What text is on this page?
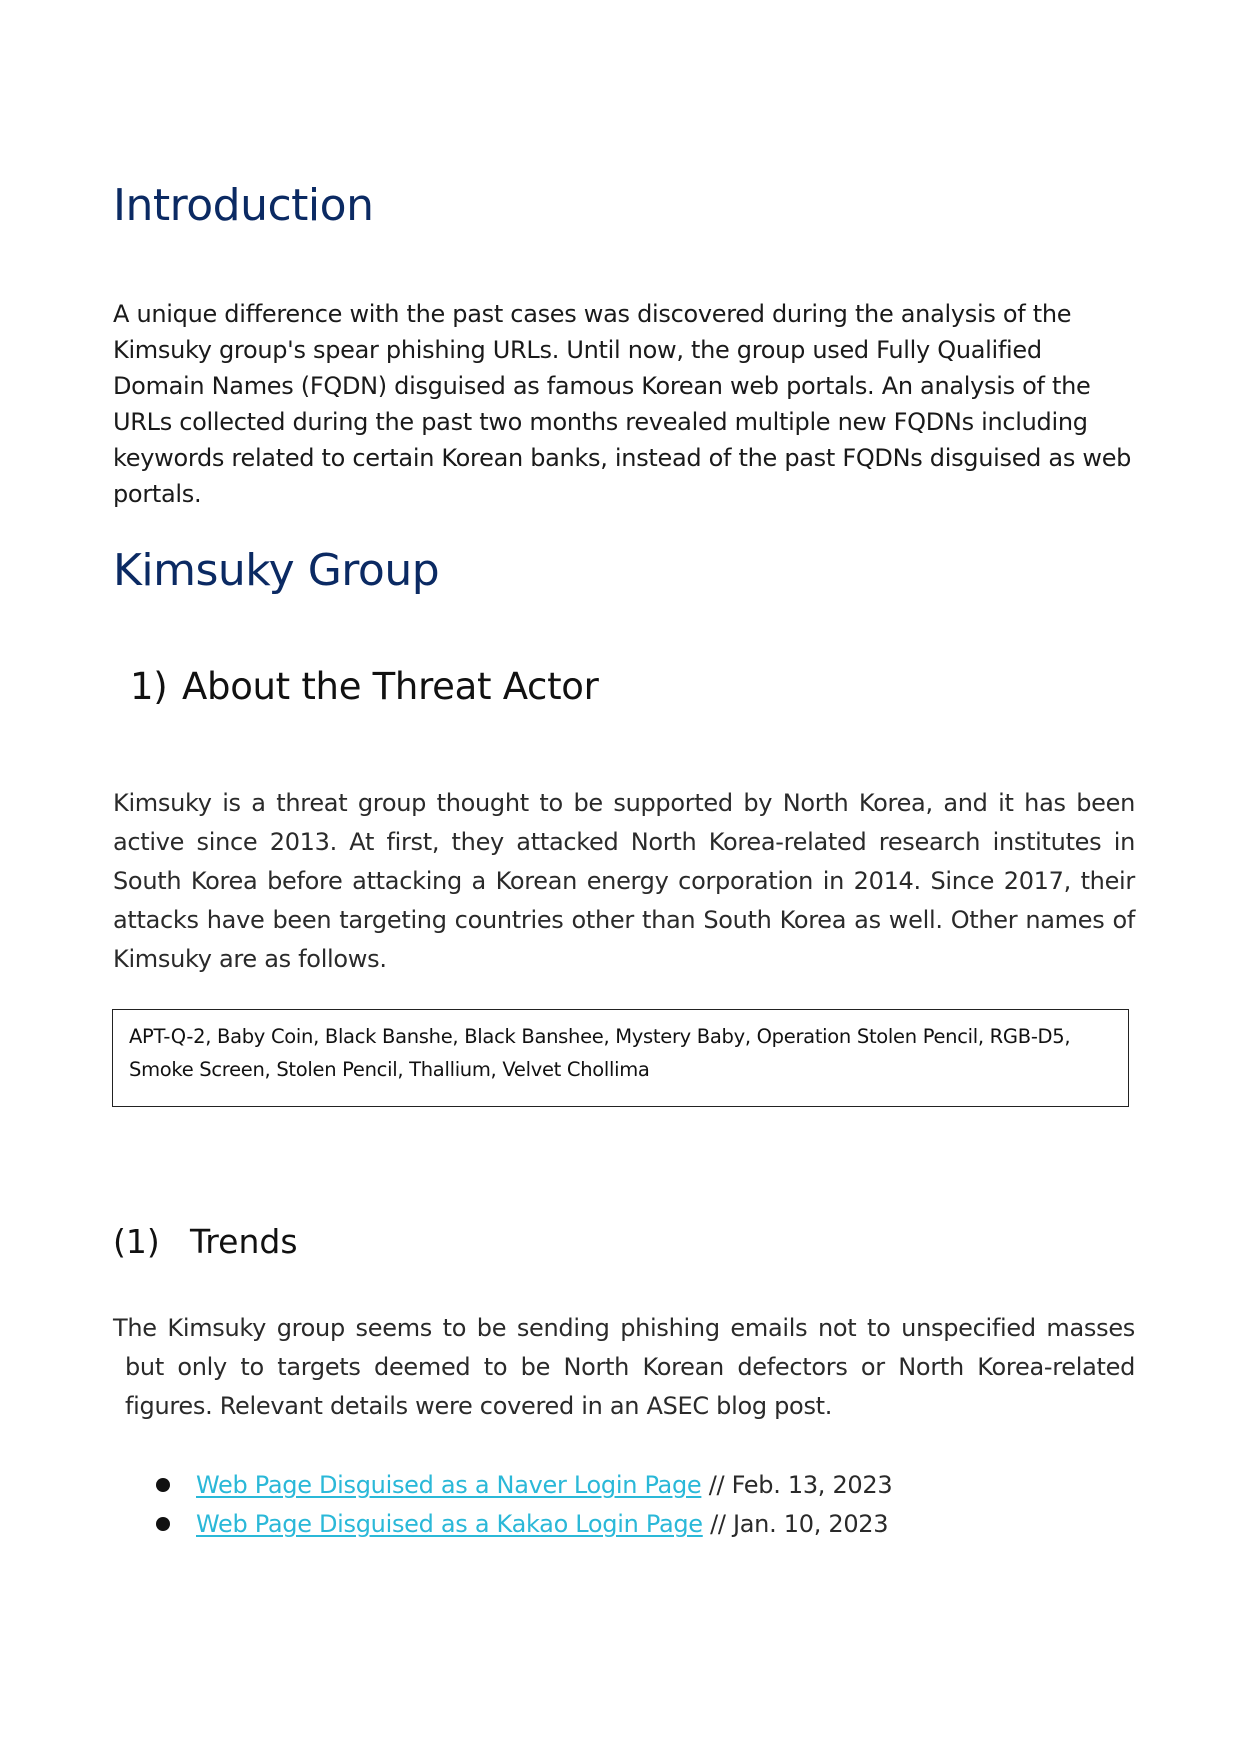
Introduction

A unique difference with the past cases was discovered during the analysis of the Kimsuky group's spear phishing URLs. Until now, the group used Fully Qualified Domain Names (FQDN) disguised as famous Korean web portals. An analysis of the URLs collected during the past two months revealed multiple new FQDNs including keywords related to certain Korean banks, instead of the past FQDNs disguised as web portals.

Kimsuky Group
1) About the Threat Actor

Kimsuky is a threat group thought to be supported by North Korea, and it has been active since 2013. At first, they attacked North Korea-related research institutes in South Korea before attacking a Korean energy corporation in 2014. Since 2017, their attacks have been targeting countries other than South Korea as well. Other names of Kimsuky are as follows.

APT-Q-2, Baby Coin, Black Banshe, Black Banshee, Mystery Baby, Operation Stolen Pencil, RGB-D5, Smoke Screen, Stolen Pencil, Thallium, Velvet Chollima
(1) Trends

The Kimsuky group seems to be sending phishing emails not to unspecified masses but only to targets deemed to be North Korean defectors or North Korea-related figures. Relevant details were covered in an ASEC blog post.

Web Page Disguised as a Naver Login Page // Feb. 13, 2023
Web Page Disguised as a Kakao Login Page // Jan. 10, 2023
